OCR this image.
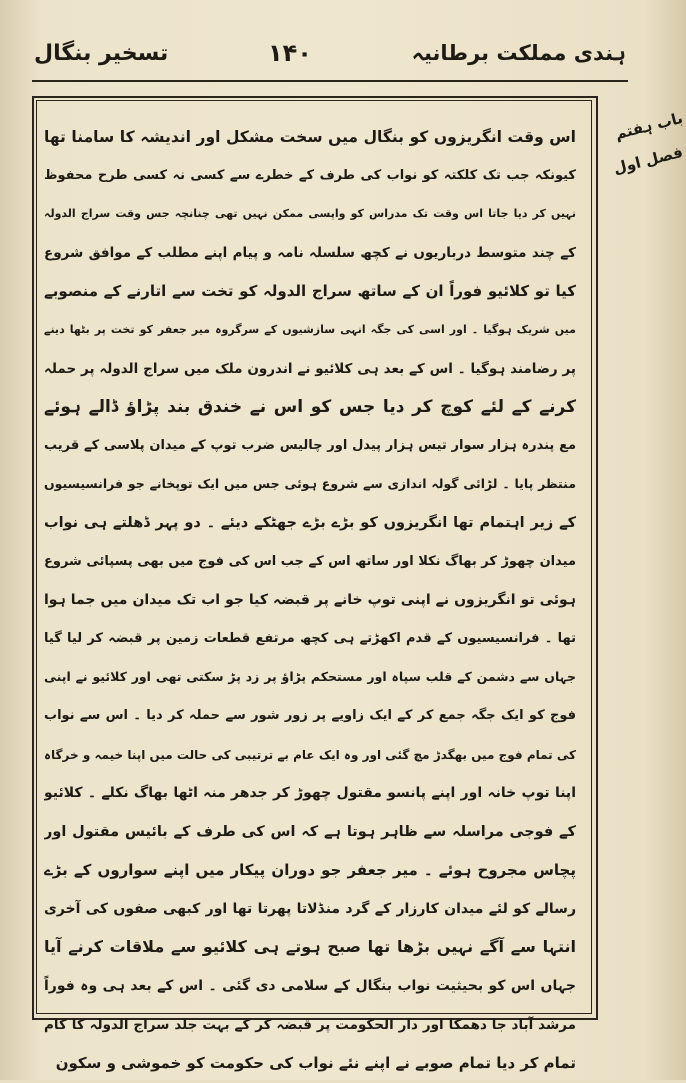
ہندی مملکت برطانیہ
۱۴۰
تسخیر بنگال
باب ہفتم
فصل اول
اس وقت انگریزوں کو بنگال میں سخت مشکل اور اندیشہ کا سامنا تھا
کیونکہ جب تک کلکتہ کو نواب کی طرف کے خطرے سے کسی نہ کسی طرح محفوظ
نہیں کر دیا جاتا اس وقت تک مدراس کو واپسی ممکن نہیں تھی چنانچہ جس وقت سراج الدولہ
کے چند متوسط درباریوں نے کچھ سلسلہ نامہ و پیام اپنے مطلب کے موافق شروع
کیا تو کلائیو فوراً ان کے ساتھ سراج الدولہ کو تخت سے اتارنے کے منصوبے
میں شریک ہوگیا ۔ اور اسی کی جگہ انہی سازشیوں کے سرگروہ میر جعفر کو تخت پر بٹھا دینے
پر رضامند ہوگیا ۔ اس کے بعد ہی کلائیو نے اندرون ملک میں سراج الدولہ پر حملہ
کرنے کے لئے کوچ کر دیا جس کو اس نے خندق بند پڑاؤ ڈالے ہوئے
مع پندرہ ہزار سوار تیس ہزار پیدل اور چالیس ضرب توپ کے میدان پلاسی کے قریب
منتظر پایا ۔ لڑائی گولہ اندازی سے شروع ہوئی جس میں ایک توپخانے جو فرانسیسیوں
کے زیر اہتمام تھا انگریزوں کو بڑے بڑے جھٹکے دیئے ۔ دو پہر ڈھلتے ہی نواب
میدان چھوڑ کر بھاگ نکلا اور ساتھ اس کے جب اس کی فوج میں بھی پسپائی شروع
ہوئی تو انگریزوں نے اپنی توپ خانے پر قبضہ کیا جو اب تک میدان میں جما ہوا
تھا ۔ فرانسیسیوں کے قدم اکھڑتے ہی کچھ مرتفع قطعات زمین پر قبضہ کر لیا گیا
جہاں سے دشمن کے قلب سپاہ اور مستحکم پڑاؤ پر زد پڑ سکتی تھی اور کلائیو نے اپنی
فوج کو ایک جگہ جمع کر کے ایک زاویے پر زور شور سے حملہ کر دیا ۔ اس سے نواب
کی تمام فوج میں بھگدڑ مچ گئی اور وہ ایک عام بے ترتیبی کی حالت میں اپنا خیمہ و خرگاہ
اپنا توپ خانہ اور اپنے پانسو مقتول چھوڑ کر جدھر منہ اٹھا بھاگ نکلے ۔ کلائیو
کے فوجی مراسلہ سے ظاہر ہوتا ہے کہ اس کی طرف کے بائیس مقتول اور
پچاس مجروح ہوئے ۔ میر جعفر جو دوران پیکار میں اپنے سواروں کے بڑے
رسالے کو لئے میدان کارزار کے گرد منڈلاتا پھرتا تھا اور کبھی صفوں کی آخری
انتہا سے آگے نہیں بڑھا تھا صبح ہوتے ہی کلائیو سے ملاقات کرنے آیا
جہاں اس کو بحیثیت نواب بنگال کے سلامی دی گئی ۔ اس کے بعد ہی وہ فوراً
مرشد آباد جا دھمکا اور دار الحکومت پر قبضہ کر کے بہت جلد سراج الدولہ کا کام
تمام کر دیا تمام صوبے نے اپنے نئے نواب کی حکومت کو خموشی و سکون
